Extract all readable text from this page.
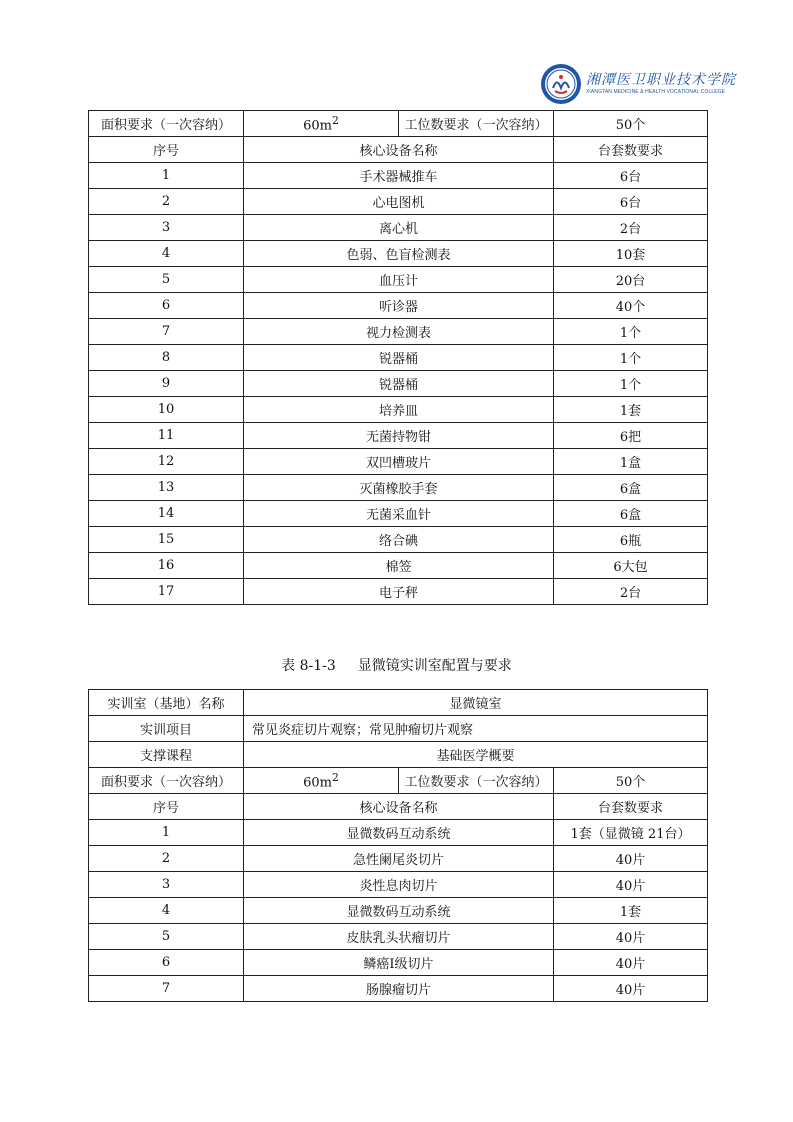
湘潭医卫职业技术学院
XIANGTAN MEDICINE & HEALTH VOCATIONAL COLLEGE
面积要求（一次容纳）	$60m^2$	工位数要求（一次容纳）	50个
序号	核心设备名称		台套数要求
1	手术器械推车		6台
2	心电图机		6台
3	离心机		2台
4	色弱、色盲检测表		10套
5	血压计		20台
6	听诊器		40个
7	视力检测表		1个
8	锐器桶		1个
9	锐器桶		1个
10	培养皿		1套
11	无菌持物钳		6把
12	双凹槽玻片		1盒
13	灭菌橡胶手套		6盒
14	无菌采血针		6盒
15	络合碘		6瓶
16	棉签		6大包
17	电子秤		2台
表 8-1-3 显微镜实训室配置与要求
实训室（基地）名称	显微镜室		
实训项目	常见炎症切片观察；常见肿瘤切片观察		
支撑课程	基础医学概要		
面积要求（一次容纳）	$60m^2$	工位数要求（一次容纳）	50个
序号	核心设备名称		台套数要求
1	显微数码互动系统		1套（显微镜 21台）
2	急性阑尾炎切片		40片
3	炎性息肉切片		40片
4	显微数码互动系统		1套
5	皮肤乳头状瘤切片		40片
6	鳞癌Ⅰ级切片		40片
7	肠腺瘤切片		40片
